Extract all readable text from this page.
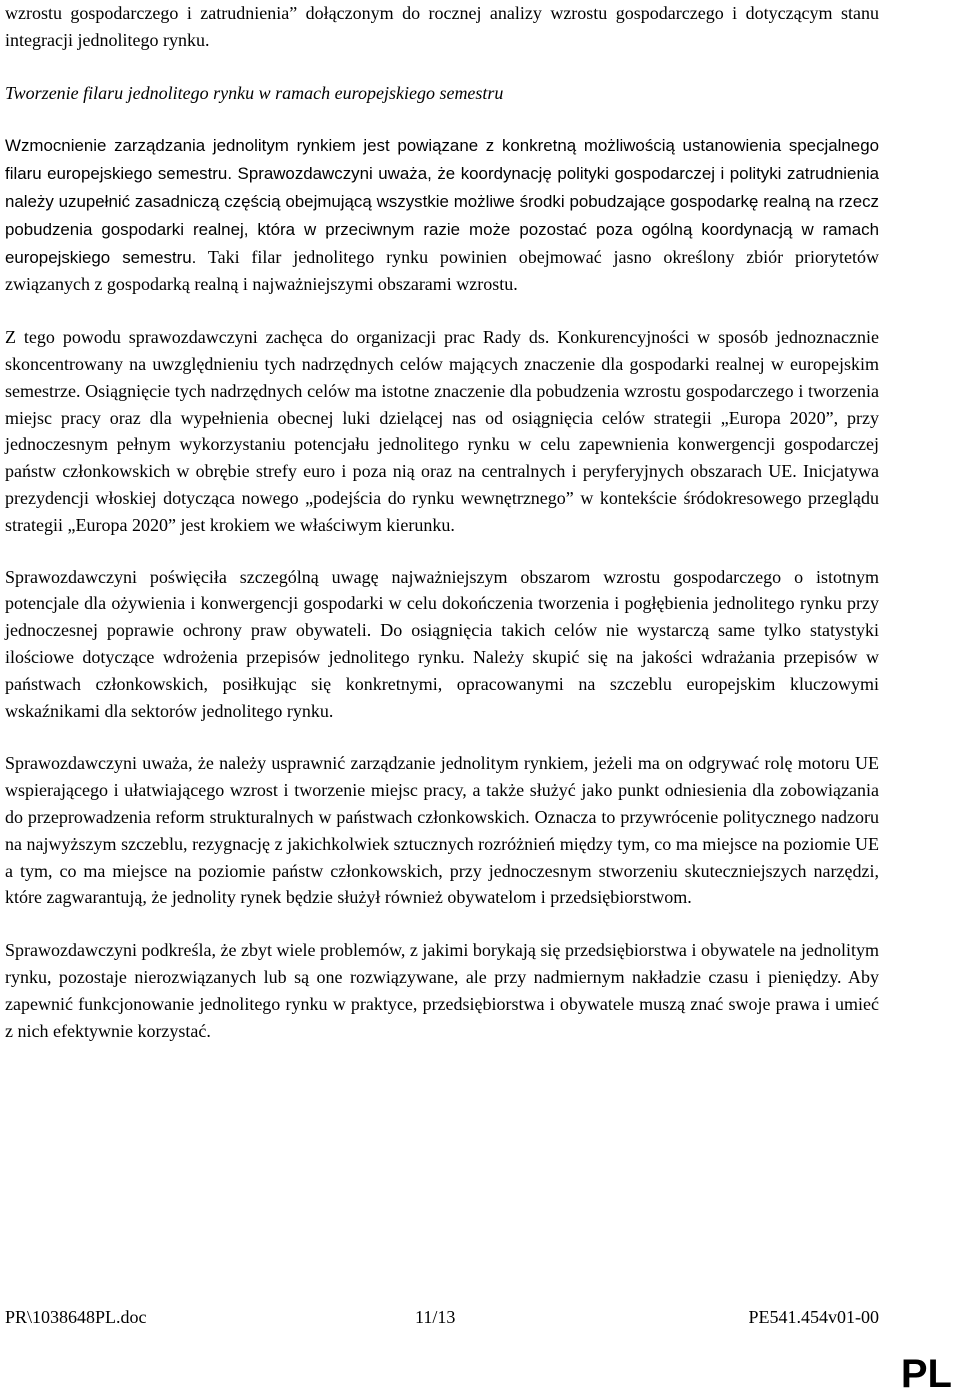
wzrostu gospodarczego i zatrudnienia” dołączonym do rocznej analizy wzrostu gospodarczego i dotyczącym stanu integracji jednolitego rynku.

Tworzenie filaru jednolitego rynku w ramach europejskiego semestru

Wzmocnienie zarządzania jednolitym rynkiem jest powiązane z konkretną możliwością ustanowienia specjalnego filaru europejskiego semestru. Sprawozdawczyni uważa, że koordynację polityki gospodarczej i polityki zatrudnienia należy uzupełnić zasadniczą częścią obejmującą wszystkie możliwe środki pobudzające gospodarkę realną na rzecz pobudzenia gospodarki realnej, która w przeciwnym razie może pozostać poza ogólną koordynacją w ramach europejskiego semestru. Taki filar jednolitego rynku powinien obejmować jasno określony zbiór priorytetów związanych z gospodarką realną i najważniejszymi obszarami wzrostu.

Z tego powodu sprawozdawczyni zachęca do organizacji prac Rady ds. Konkurencyjności w sposób jednoznacznie skoncentrowany na uwzględnieniu tych nadrzędnych celów mających znaczenie dla gospodarki realnej w europejskim semestrze. Osiągnięcie tych nadrzędnych celów ma istotne znaczenie dla pobudzenia wzrostu gospodarczego i tworzenia miejsc pracy oraz dla wypełnienia obecnej luki dzielącej nas od osiągnięcia celów strategii „Europa 2020”, przy jednoczesnym pełnym wykorzystaniu potencjału jednolitego rynku w celu zapewnienia konwergencji gospodarczej państw członkowskich w obrębie strefy euro i poza nią oraz na centralnych i peryferyjnych obszarach UE. Inicjatywa prezydencji włoskiej dotycząca nowego „podejścia do rynku wewnętrznego” w kontekście śródokresowego przeglądu strategii „Europa 2020” jest krokiem we właściwym kierunku.

Sprawozdawczyni poświęciła szczególną uwagę najważniejszym obszarom wzrostu gospodarczego o istotnym potencjale dla ożywienia i konwergencji gospodarki w celu dokończenia tworzenia i pogłębienia jednolitego rynku przy jednoczesnej poprawie ochrony praw obywateli. Do osiągnięcia takich celów nie wystarczą same tylko statystyki ilościowe dotyczące wdrożenia przepisów jednolitego rynku. Należy skupić się na jakości wdrażania przepisów w państwach członkowskich, posiłkując się konkretnymi, opracowanymi na szczeblu europejskim kluczowymi wskaźnikami dla sektorów jednolitego rynku.

Sprawozdawczyni uważa, że należy usprawnić zarządzanie jednolitym rynkiem, jeżeli ma on odgrywać rolę motoru UE wspierającego i ułatwiającego wzrost i tworzenie miejsc pracy, a także służyć jako punkt odniesienia dla zobowiązania do przeprowadzenia reform strukturalnych w państwach członkowskich. Oznacza to przywrócenie politycznego nadzoru na najwyższym szczeblu, rezygnację z jakichkolwiek sztucznych rozróżnień między tym, co ma miejsce na poziomie UE a tym, co ma miejsce na poziomie państw członkowskich, przy jednoczesnym stworzeniu skuteczniejszych narzędzi, które zagwarantują, że jednolity rynek będzie służył również obywatelom i przedsiębiorstwom.

Sprawozdawczyni podkreśla, że zbyt wiele problemów, z jakimi borykają się przedsiębiorstwa i obywatele na jednolitym rynku, pozostaje nierozwiązanych lub są one rozwiązywane, ale przy nadmiernym nakładzie czasu i pieniędzy. Aby zapewnić funkcjonowanie jednolitego rynku w praktyce, przedsiębiorstwa i obywatele muszą znać swoje prawa i umieć z nich efektywnie korzystać.

PR\1038648PL.doc	11/13	PE541.454v01-00
PL
